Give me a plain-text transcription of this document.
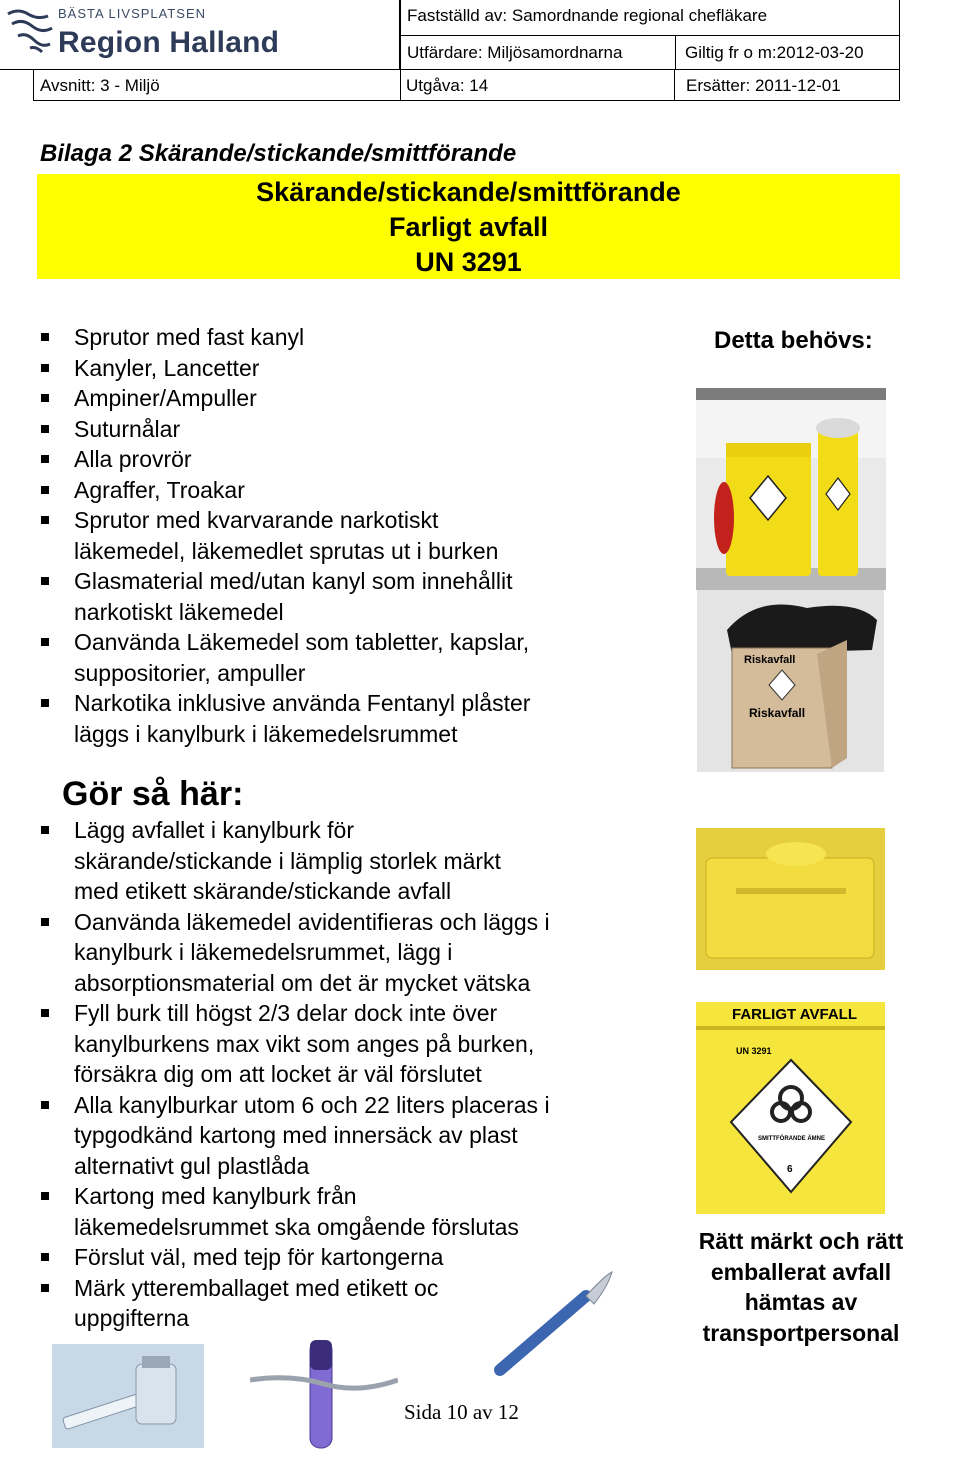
BÄSTA LIVSPLATSEN
Region Halland
Fastställd av: Samordnande regional chefläkare
Utfärdare: Miljösamordnarna	Giltig fr o m:2012-03-20
Avsnitt: 3 - Miljö	Utgåva: 14	Ersätter: 2011-12-01
Bilaga 2 Skärande/stickande/smittförande
Skärande/stickande/smittförande
Farligt avfall
UN 3291
Sprutor med fast kanyl
Kanyler, Lancetter
Ampiner/Ampuller
Suturnålar
Alla provrör
Agraffer, Troakar
Sprutor med kvarvarande narkotiskt
läkemedel, läkemedlet sprutas ut i burken
Glasmaterial med/utan kanyl som innehållit
narkotiskt läkemedel
Oanvända Läkemedel som tabletter, kapslar,
suppositorier, ampuller
Narkotika inklusive använda Fentanyl plåster
läggs i kanylburk i läkemedelsrummet
Gör så här:
Lägg avfallet i kanylburk för
skärande/stickande i lämplig storlek märkt
med etikett skärande/stickande avfall
Oanvända läkemedel avidentifieras och läggs i
kanylburk i läkemedelsrummet, lägg i
absorptionsmaterial om det är mycket vätska
Fyll burk till högst 2/3 delar dock inte över
kanylburkens max vikt som anges på burken,
försäkra dig om att locket är väl förslutet
Alla kanylburkar utom 6 och 22 liters placeras i
typgodkänd kartong med innersäck av plast
alternativt gul plastlåda
Kartong med kanylburk från
läkemedelsrummet ska omgående förslutas
Förslut väl, med tejp för kartongerna
Märk ytteremballaget med etikett oc
uppgifterna
Detta behövs:
Riskavfall
Riskavfall
FARLIGT AVFALL
UN 3291
6
SMITTFÖRANDE ÄMNE
Rätt märkt och rätt
emballerat avfall
hämtas av
transportpersonal
Sida 10 av 12
